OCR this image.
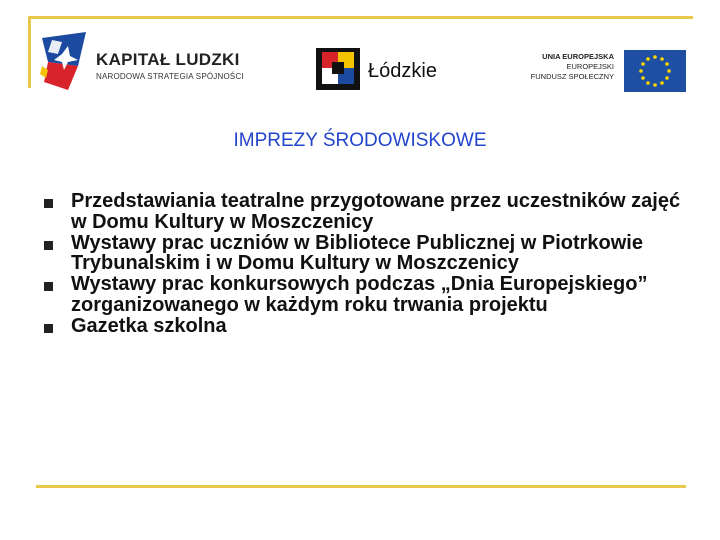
KAPITAŁ LUDZKI
NARODOWA STRATEGIA SPÓJNOŚCI	Łódzkie
UNIA EUROPEJSKA
EUROPEJSKI
FUNDUSZ SPOŁECZNY
IMPREZY ŚRODOWISKOWE
Przedstawiania teatralne przygotowane przez uczestników zajęć w Domu Kultury w Moszczenicy
Wystawy prac uczniów w Bibliotece Publicznej w Piotrkowie Trybunalskim i w Domu Kultury w Moszczenicy
Wystawy prac konkursowych podczas „Dnia Europejskiego” zorganizowanego w każdym roku trwania projektu
Gazetka szkolna
